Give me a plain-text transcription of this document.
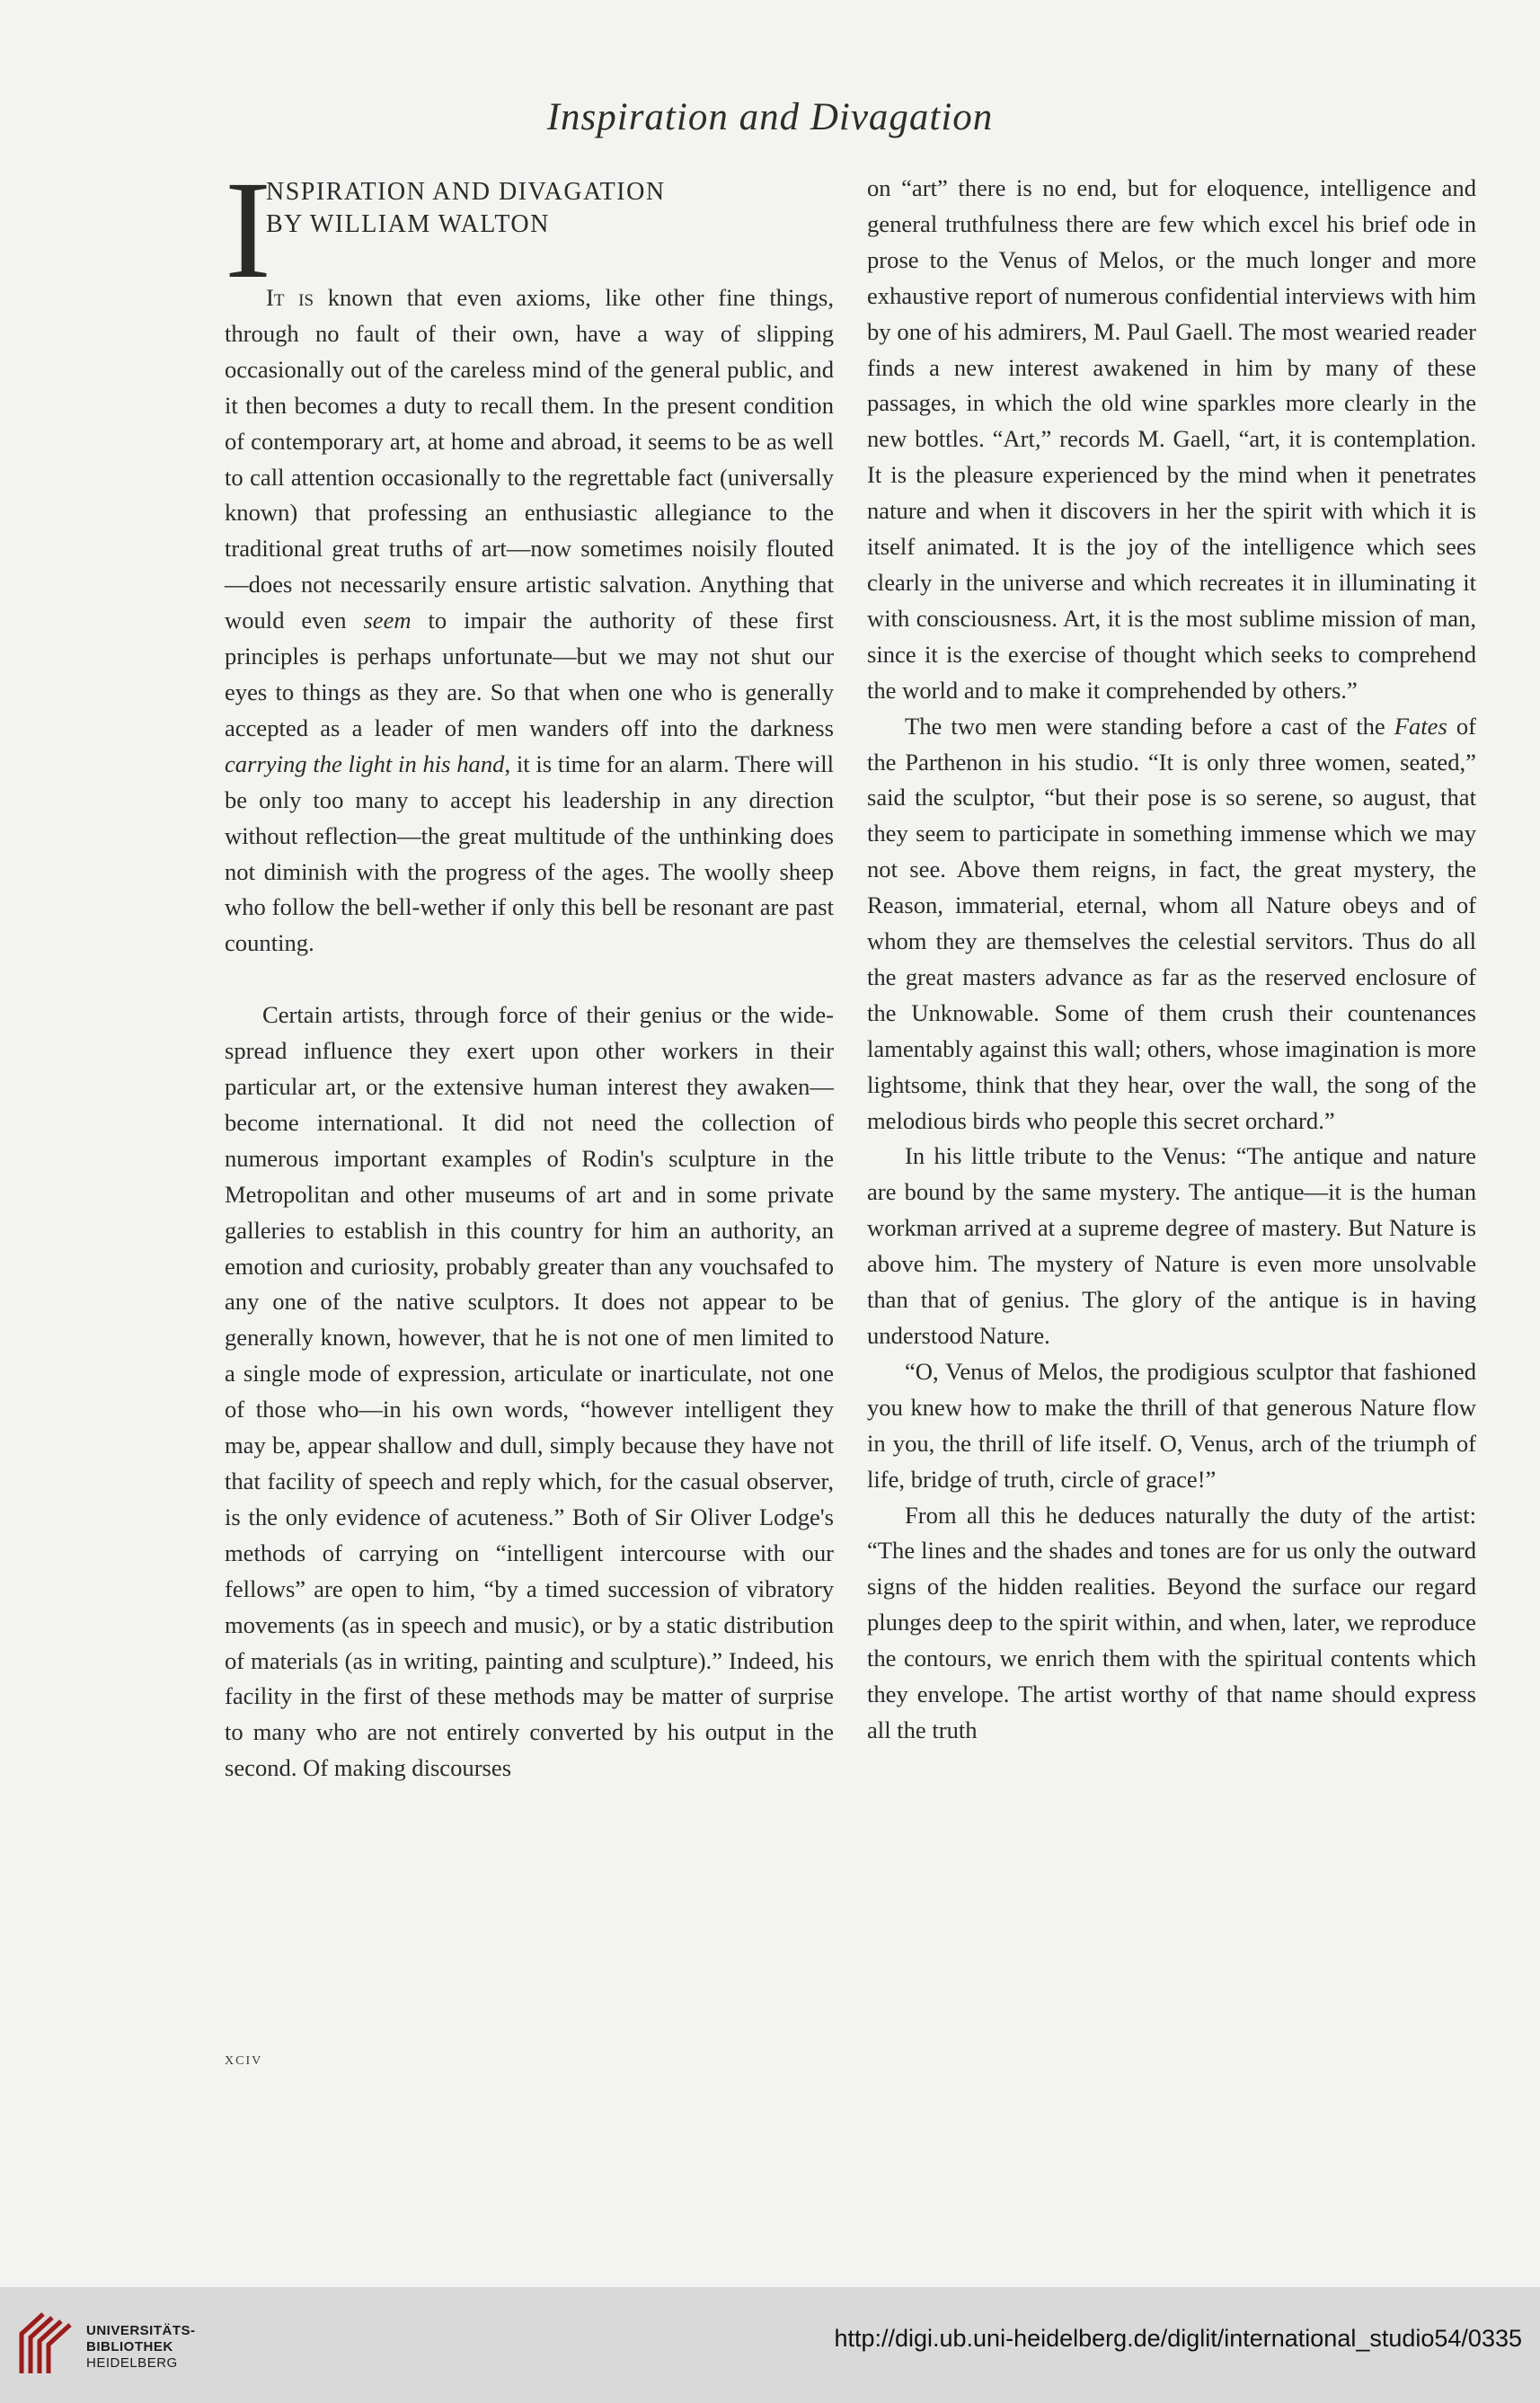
Inspiration and Divagation
I
NSPIRATION AND DIVAGATION
BY WILLIAM WALTON

It is known that even axioms, like other fine things, through no fault of their own, have a way of slipping occasionally out of the careless mind of the general public, and it then becomes a duty to recall them. In the present condition of contemporary art, at home and abroad, it seems to be as well to call attention occasionally to the regrettable fact (universally known) that professing an enthusiastic allegiance to the traditional great truths of art—now sometimes noisily flouted—does not necessarily ensure artistic salvation. Anything that would even seem to impair the authority of these first principles is perhaps unfortunate—but we may not shut our eyes to things as they are. So that when one who is generally accepted as a leader of men wanders off into the darkness carrying the light in his hand, it is time for an alarm. There will be only too many to accept his leadership in any direction without reflection—the great multitude of the unthinking does not diminish with the progress of the ages. The woolly sheep who follow the bell-wether if only this bell be resonant are past counting.

Certain artists, through force of their genius or the wide-spread influence they exert upon other workers in their particular art, or the extensive human interest they awaken—become international. It did not need the collection of numerous important examples of Rodin's sculpture in the Metropolitan and other museums of art and in some private galleries to establish in this country for him an authority, an emotion and curiosity, probably greater than any vouchsafed to any one of the native sculptors. It does not appear to be generally known, however, that he is not one of men limited to a single mode of expression, articulate or inarticulate, not one of those who—in his own words, “however intelligent they may be, appear shallow and dull, simply because they have not that facility of speech and reply which, for the casual observer, is the only evidence of acuteness.” Both of Sir Oliver Lodge's methods of carrying on “intelligent intercourse with our fellows” are open to him, “by a timed succession of vibratory movements (as in speech and music), or by a static distribution of materials (as in writing, painting and sculpture).” Indeed, his facility in the first of these methods may be matter of surprise to many who are not entirely converted by his output in the second. Of making discourses

on “art” there is no end, but for eloquence, intelligence and general truthfulness there are few which excel his brief ode in prose to the Venus of Melos, or the much longer and more exhaustive report of numerous confidential interviews with him by one of his admirers, M. Paul Gaell. The most wearied reader finds a new interest awakened in him by many of these passages, in which the old wine sparkles more clearly in the new bottles. “Art,” records M. Gaell, “art, it is contemplation. It is the pleasure experienced by the mind when it penetrates nature and when it discovers in her the spirit with which it is itself animated. It is the joy of the intelligence which sees clearly in the universe and which recreates it in illuminating it with consciousness. Art, it is the most sublime mission of man, since it is the exercise of thought which seeks to comprehend the world and to make it comprehended by others.”

The two men were standing before a cast of the Fates of the Parthenon in his studio. “It is only three women, seated,” said the sculptor, “but their pose is so serene, so august, that they seem to participate in something immense which we may not see. Above them reigns, in fact, the great mystery, the Reason, immaterial, eternal, whom all Nature obeys and of whom they are themselves the celestial servitors. Thus do all the great masters advance as far as the reserved enclosure of the Unknowable. Some of them crush their countenances lamentably against this wall; others, whose imagination is more lightsome, think that they hear, over the wall, the song of the melodious birds who people this secret orchard.”

In his little tribute to the Venus: “The antique and nature are bound by the same mystery. The antique—it is the human workman arrived at a supreme degree of mastery. But Nature is above him. The mystery of Nature is even more unsolvable than that of genius. The glory of the antique is in having understood Nature.

“O, Venus of Melos, the prodigious sculptor that fashioned you knew how to make the thrill of that generous Nature flow in you, the thrill of life itself. O, Venus, arch of the triumph of life, bridge of truth, circle of grace!”

From all this he deduces naturally the duty of the artist: “The lines and the shades and tones are for us only the outward signs of the hidden realities. Beyond the surface our regard plunges deep to the spirit within, and when, later, we reproduce the contours, we enrich them with the spiritual contents which they envelope. The artist worthy of that name should express all the truth

xciv
UNIVERSITÄTS-
BIBLIOTHEK
HEIDELBERG
http://digi.ub.uni-heidelberg.de/diglit/international_studio54/0335
